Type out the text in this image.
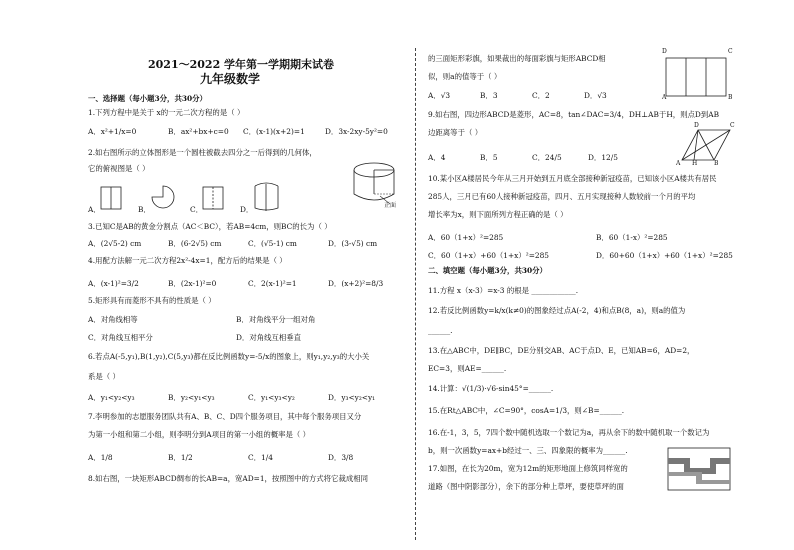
2021～2022 学年第一学期期末试卷
九年级数学
一、选择题（每小题3分，共30分）
1.下列方程中是关于 x的一元二次方程的是（ ）
A．x²+1/x=0	B．ax²+bx+c=0 C．(x-1)(x+2)=1	D．3x-2xy-5y²=0
2.如右图所示的立体图形是一个圆柱被截去四分之一后得到的几何体，
它的俯视图是（ ）
A．	B．	C．	D．	正面
3.已知C是AB的黄金分割点（AC＜BC），若AB=4cm，则BC的长为（ ）
A．(2√5-2) cm	B．(6-2√5) cm	C．(√5-1) cm	D．(3-√5) cm
4.用配方法解一元二次方程2x²-4x=1，配方后的结果是（ ）
A．(x-1)²=3/2	B．(2x-1)²=0	C．2(x-1)²=1	D．(x+2)²=8/3
5.矩形具有而菱形不具有的性质是（ ）
A．对角线相等	B．对角线平分一组对角
C．对角线互相平分	D．对角线互相垂直
6.若点A(-5,y₁),B(1,y₂),C(5,y₃)都在反比例函数y=-5/x的图象上，则y₁,y₂,y₃的大小关
系是（ ）
A．y₁<y₂<y₃	B．y₂<y₁<y₃	C．y₁<y₃<y₂	D．y₃<y₂<y₁
7.李明参加的志愿服务团队共有A、B、C、D四个服务项目，其中每个服务项目又分
为第一小组和第二小组，则李明分到A项目的第一小组的概率是（ ）
A．1/8	B．1/2	C．1/4	D．3/8
8.如右图，一块矩形ABCD绸布的长AB=a，宽AD=1，按照图中的方式将它裁成相同
的三面矩形彩旗，如果裁出的每面彩旗与矩形ABCD相
似，则a的值等于（ ）
A．√3	B．3	C．2	D．√3
D	C
A	B
9.如右图，四边形ABCD是菱形，AC=8，tan∠DAC=3/4，DH⊥AB于H，则点D到AB
边距离等于（ ）
A．4	B．5	C．24/5	D．12/5
D	C
A H	B
10.某小区A楼居民今年从三月开始到五月底全部接种新冠疫苗，已知该小区A楼共有居民
285人，三月已有60人接种新冠疫苗，四月、五月实现接种人数较前一个月的平均
增长率为x，则下面所列方程正确的是（ ）
A．60（1+x）²=285	B．60（1-x）²=285
C．60（1+x）+60（1+x）²=285	D．60+60（1+x）+60（1+x）²=285
二、填空题（每小题3分，共30分）
11.方程 x（x-3）=x-3 的根是 ____________.
12.若反比例函数y=k/x(k≠0)的图象经过点A(-2，4)和点B(8，a)，则a的值为
______.
13.在△ABC中，DE∥BC，DE分别交AB、AC于点D、E，已知AB=6，AD=2，
EC=3，则AE=______.
14.计算：√(1/3)·√6-sin45°=______.
15.在Rt△ABC中，∠C=90°，cosA=1/3，则∠B=______.
16.在-1，3，5，7四个数中随机选取一个数记为a，再从余下的数中随机取一个数记为
b，则一次函数y=ax+b经过一、三、四象限的概率为______.
17.如图，在长为20m，宽为12m的矩形地面上修筑同样宽的
道路（图中阴影部分），余下的部分种上草坪，要使草坪的面
